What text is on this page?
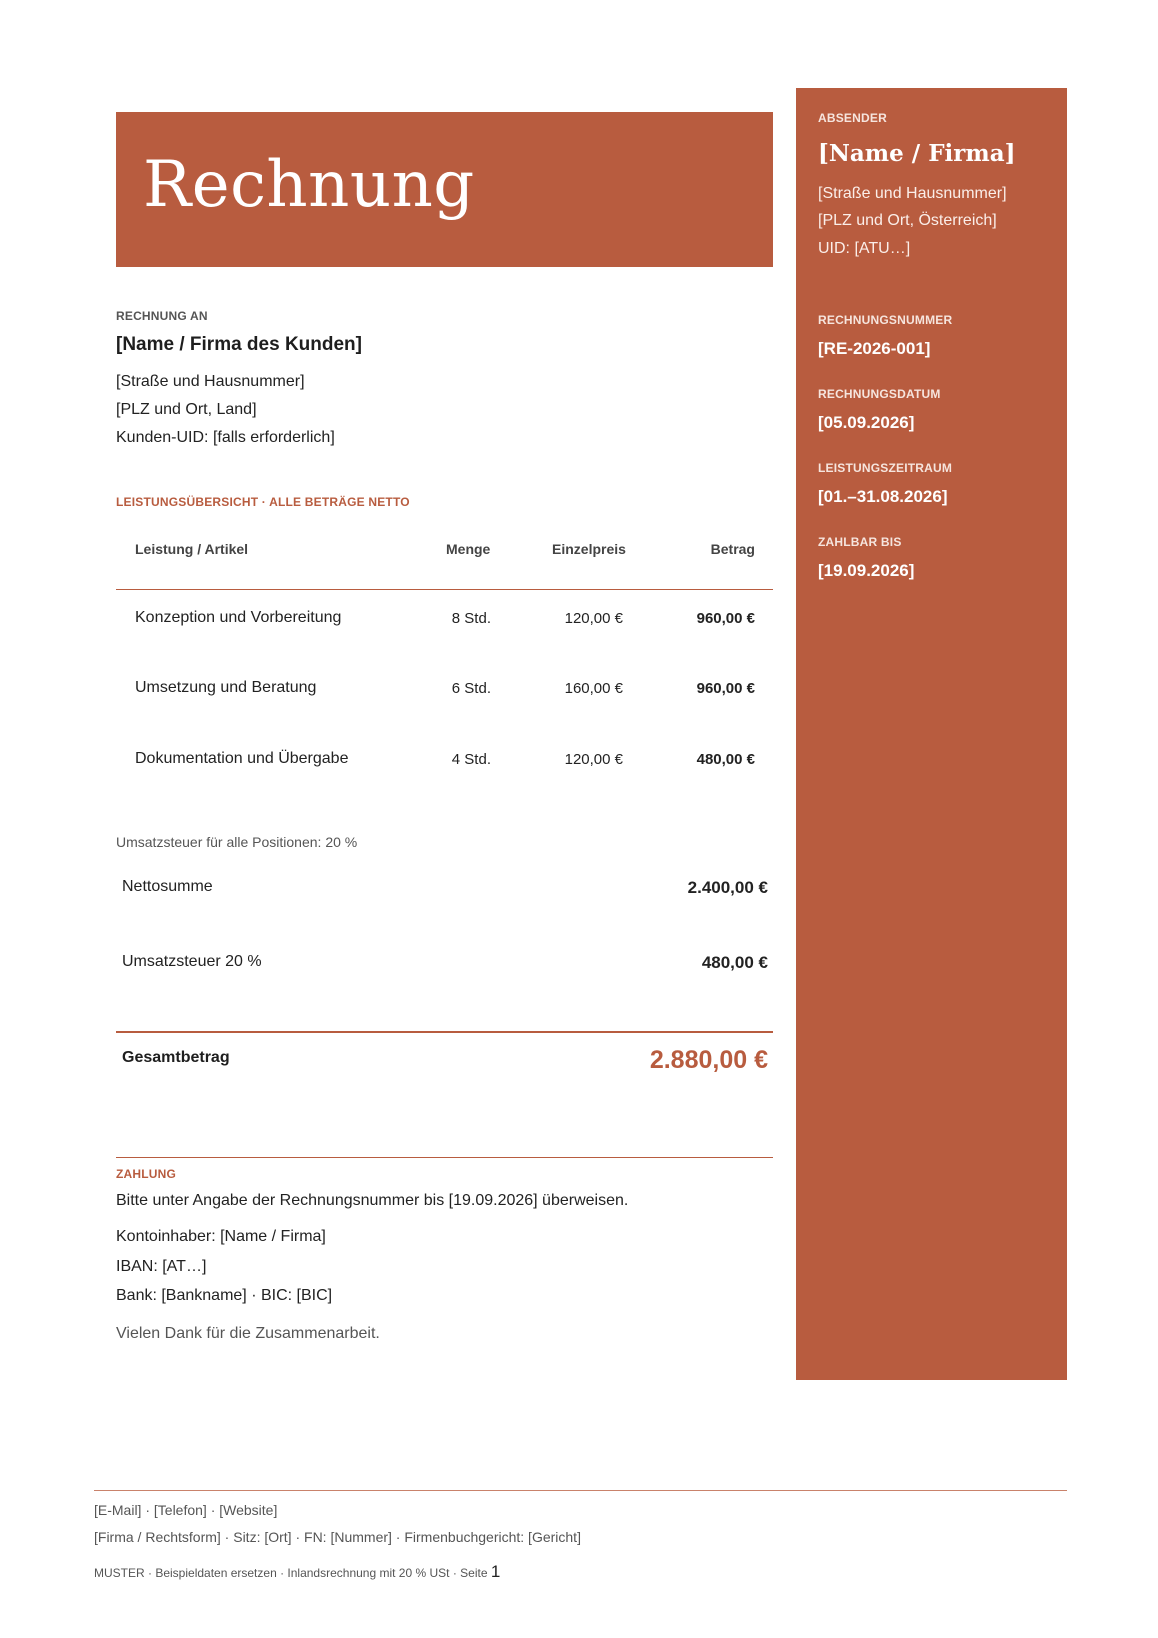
Rechnung
ABSENDER
[Name / Firma]
[Straße und Hausnummer]
[PLZ und Ort, Österreich]
UID: [ATU…]
RECHNUNGSNUMMER
[RE-2026-001]
RECHNUNGSDATUM
[05.09.2026]
LEISTUNGSZEITRAUM
[01.–31.08.2026]
ZAHLBAR BIS
[19.09.2026]
RECHNUNG AN
[Name / Firma des Kunden]
[Straße und Hausnummer]
[PLZ und Ort, Land]
Kunden-UID: [falls erforderlich]
LEISTUNGSÜBERSICHT · ALLE BETRÄGE NETTO
Leistung / Artikel	Menge	Einzelpreis	Betrag
Konzeption und Vorbereitung	8 Std.	120,00 €	960,00 €
Umsetzung und Beratung	6 Std.	160,00 €	960,00 €
Dokumentation und Übergabe	4 Std.	120,00 €	480,00 €
Umsatzsteuer für alle Positionen: 20 %
Nettosumme	2.400,00 €
Umsatzsteuer 20 %	480,00 €
Gesamtbetrag	2.880,00 €
ZAHLUNG
Bitte unter Angabe der Rechnungsnummer bis [19.09.2026] überweisen.
Kontoinhaber: [Name / Firma]
IBAN: [AT…]
Bank: [Bankname] · BIC: [BIC]
Vielen Dank für die Zusammenarbeit.
[E-Mail] · [Telefon] · [Website]
[Firma / Rechtsform] · Sitz: [Ort] · FN: [Nummer] · Firmenbuchgericht: [Gericht]
MUSTER · Beispieldaten ersetzen · Inlandsrechnung mit 20 % USt · Seite 1
